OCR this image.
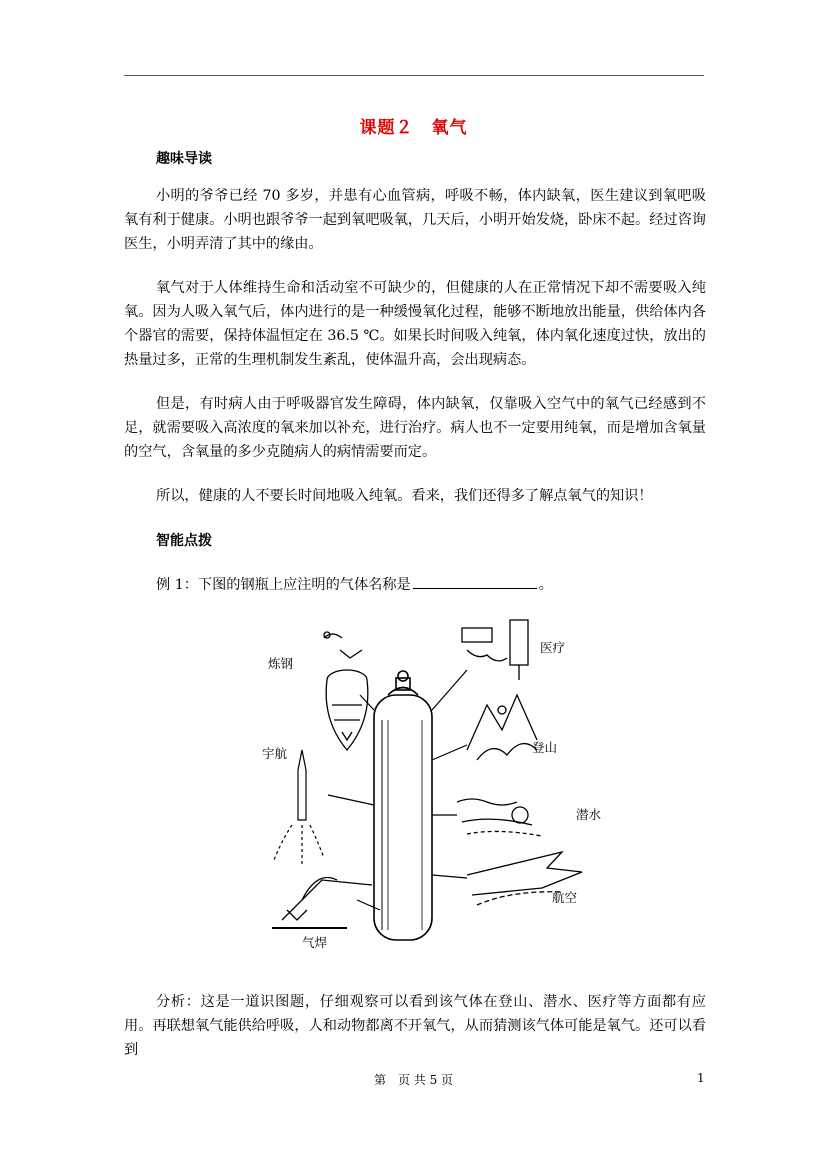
课题２　氧气
趣味导读

小明的爷爷已经 70 多岁，并患有心血管病，呼吸不畅，体内缺氧，医生建议到氧吧吸氧有利于健康。小明也跟爷爷一起到氧吧吸氧，几天后，小明开始发烧，卧床不起。经过咨询医生，小明弄清了其中的缘由。

氧气对于人体维持生命和活动室不可缺少的，但健康的人在正常情况下却不需要吸入纯氧。因为人吸入氧气后，体内进行的是一种缓慢氧化过程，能够不断地放出能量，供给体内各个器官的需要，保持体温恒定在 36.5 ℃。如果长时间吸入纯氧，体内氧化速度过快，放出的热量过多，正常的生理机制发生紊乱，使体温升高，会出现病态。

但是，有时病人由于呼吸器官发生障碍，体内缺氧，仅靠吸入空气中的氧气已经感到不足，就需要吸入高浓度的氧来加以补充，进行治疗。病人也不一定要用纯氧，而是增加含氧量的空气，含氧量的多少克随病人的病情需要而定。

所以，健康的人不要长时间地吸入纯氧。看来，我们还得多了解点氧气的知识！

智能点拨

例 1：下图的钢瓶上应注明的气体名称是	。

炼钢
宇航
气焊
医疗
登山
潜水
航空

分析：这是一道识图题，仔细观察可以看到该气体在登山、潜水、医疗等方面都有应用。再联想氧气能供给呼吸，人和动物都离不开氧气，从而猜测该气体可能是氧气。还可以看到

第　页 共 5 页	1
